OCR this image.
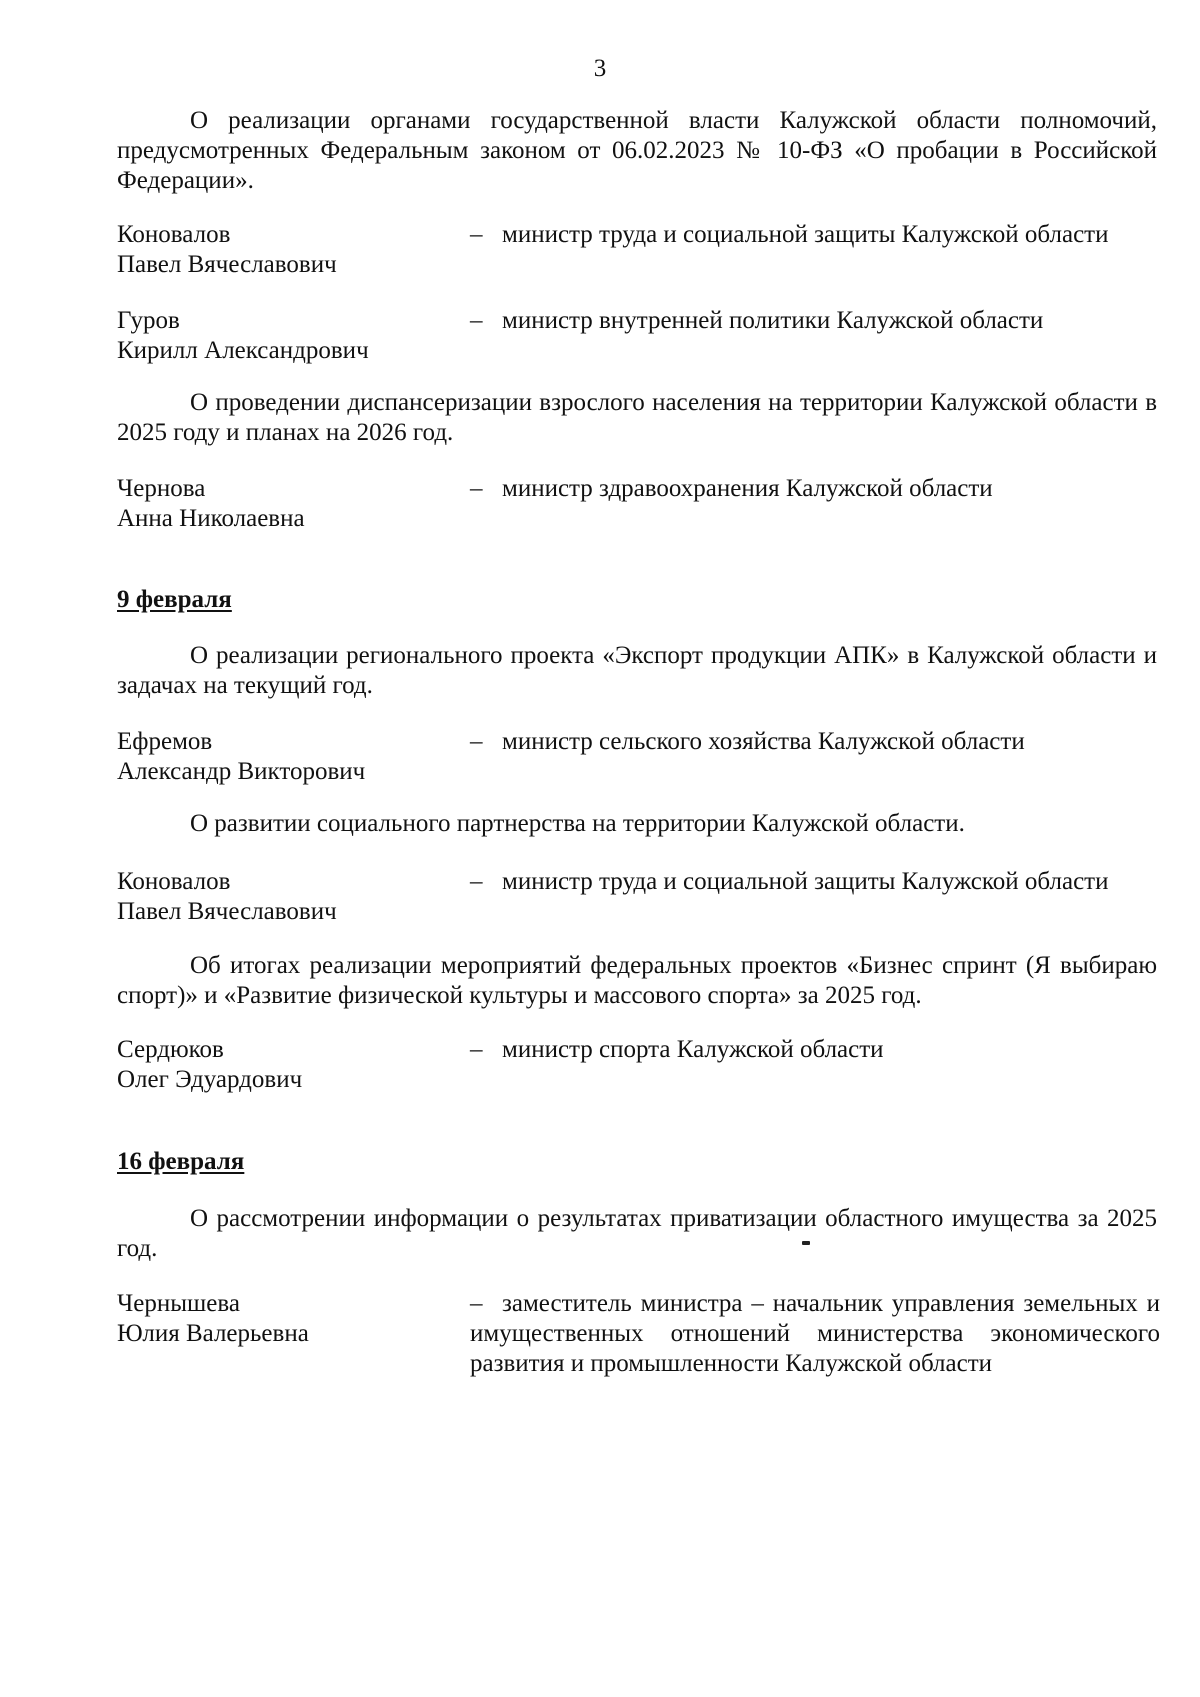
3
О реализации органами государственной власти Калужской области полномочий, предусмотренных Федеральным законом от 06.02.2023 № 10-ФЗ «О пробации в Российской Федерации».
Коновалов
Павел Вячеславович
– министр труда и социальной защиты Калужской области
Гуров
Кирилл Александрович
– министр внутренней политики Калужской области
О проведении диспансеризации взрослого населения на территории Калужской области в 2025 году и планах на 2026 год.
Чернова
Анна Николаевна
– министр здравоохранения Калужской области
9 февраля
О реализации регионального проекта «Экспорт продукции АПК» в Калужской области и задачах на текущий год.
Ефремов
Александр Викторович
– министр сельского хозяйства Калужской области
О развитии социального партнерства на территории Калужской области.
Коновалов
Павел Вячеславович
– министр труда и социальной защиты Калужской области
Об итогах реализации мероприятий федеральных проектов «Бизнес спринт (Я выбираю спорт)» и «Развитие физической культуры и массового спорта» за 2025 год.
Сердюков
Олег Эдуардович
– министр спорта Калужской области
16 февраля
О рассмотрении информации о результатах приватизации областного имущества за 2025 год.
Чернышева
Юлия Валерьевна
– заместитель министра – начальник управления земельных и имущественных отношений министерства экономического развития и промышленности Калужской области
